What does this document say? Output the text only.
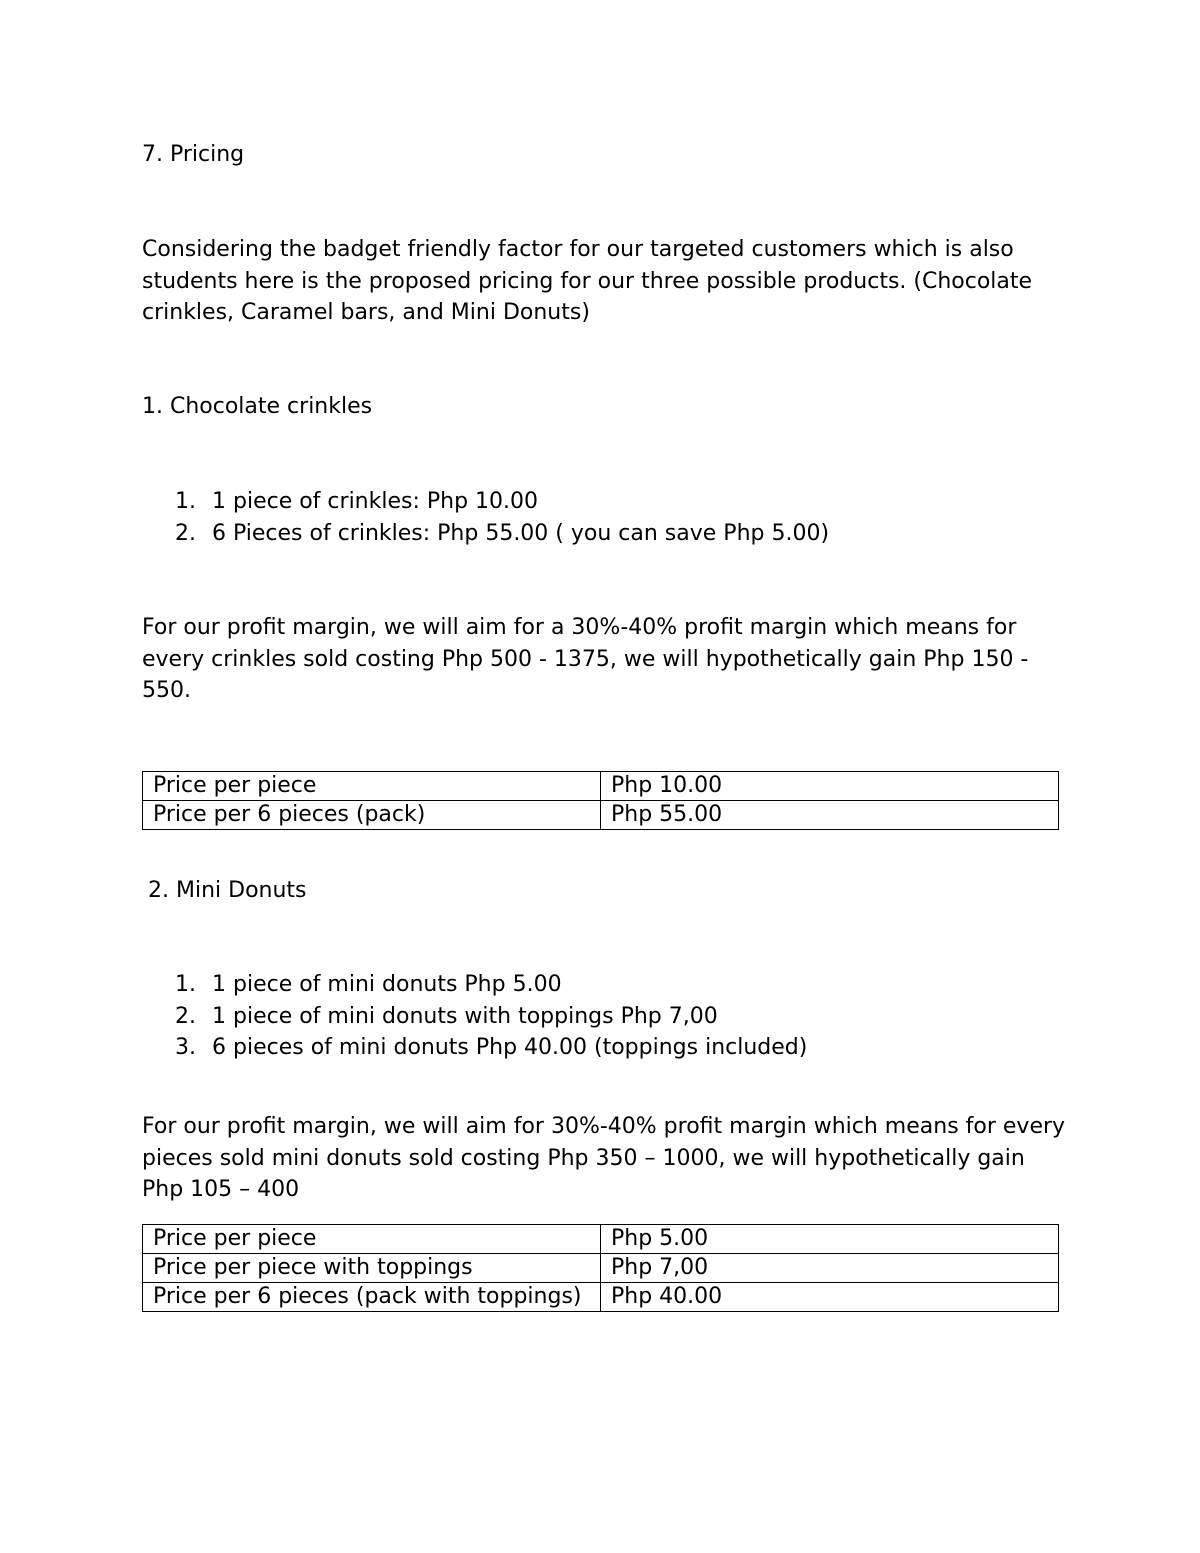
7. Pricing

Considering the badget friendly factor for our targeted customers which is also students here is the proposed pricing for our three possible products. (Chocolate crinkles, Caramel bars, and Mini Donuts)

1. Chocolate crinkles

1. 1 piece of crinkles: Php 10.00
2. 6 Pieces of crinkles: Php 55.00 ( you can save Php 5.00)

For our profit margin, we will aim for a 30%-40% profit margin which means for every crinkles sold costing Php 500 - 1375, we will hypothetically gain Php 150 - 550.

Price per piece	Php 10.00
Price per 6 pieces (pack)	Php 55.00

2. Mini Donuts

1. 1 piece of mini donuts Php 5.00
2. 1 piece of mini donuts with toppings Php 7,00
3. 6 pieces of mini donuts Php 40.00 (toppings included)

For our profit margin, we will aim for 30%-40% profit margin which means for every pieces sold mini donuts sold costing Php 350 – 1000, we will hypothetically gain Php 105 – 400

Price per piece	Php 5.00
Price per piece with toppings	Php 7,00
Price per 6 pieces (pack with toppings)	Php 40.00
